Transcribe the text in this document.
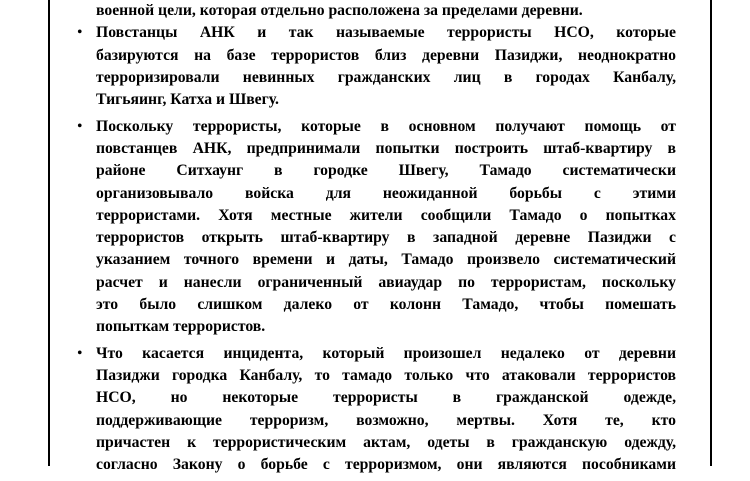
военной цели, которая отдельно расположена за пределами деревни.

• Повстанцы АНК и так называемые террористы НСО, которые
базируются на базе террористов близ деревни Пазиджи, неоднократно
терроризировали невинных гражданских лиц в городах Канбалу,
Тигьяинг, Катха и Швегу.
• Поскольку террористы, которые в основном получают помощь от
повстанцев АНК, предпринимали попытки построить штаб-квартиру в
районе Ситхаунг в городке Швегу, Тамадо систематически
организовывало войска для неожиданной борьбы с этими
террористами. Хотя местные жители сообщили Тамадо о попытках
террористов открыть штаб-квартиру в западной деревне Пазиджи с
указанием точного времени и даты, Тамадо произвело систематический
расчет и нанесли ограниченный авиаудар по террористам, поскольку
это было слишком далеко от колонн Тамадо, чтобы помешать
попыткам террористов.
• Что касается инцидента, который произошел недалеко от деревни
Пазиджи городка Канбалу, то тамадо только что атаковали террористов
НСО, но некоторые террористы в гражданской одежде,
поддерживающие терроризм, возможно, мертвы. Хотя те, кто
причастен к террористическим актам, одеты в гражданскую одежду,
согласно Закону о борьбе с терроризмом, они являются пособниками
